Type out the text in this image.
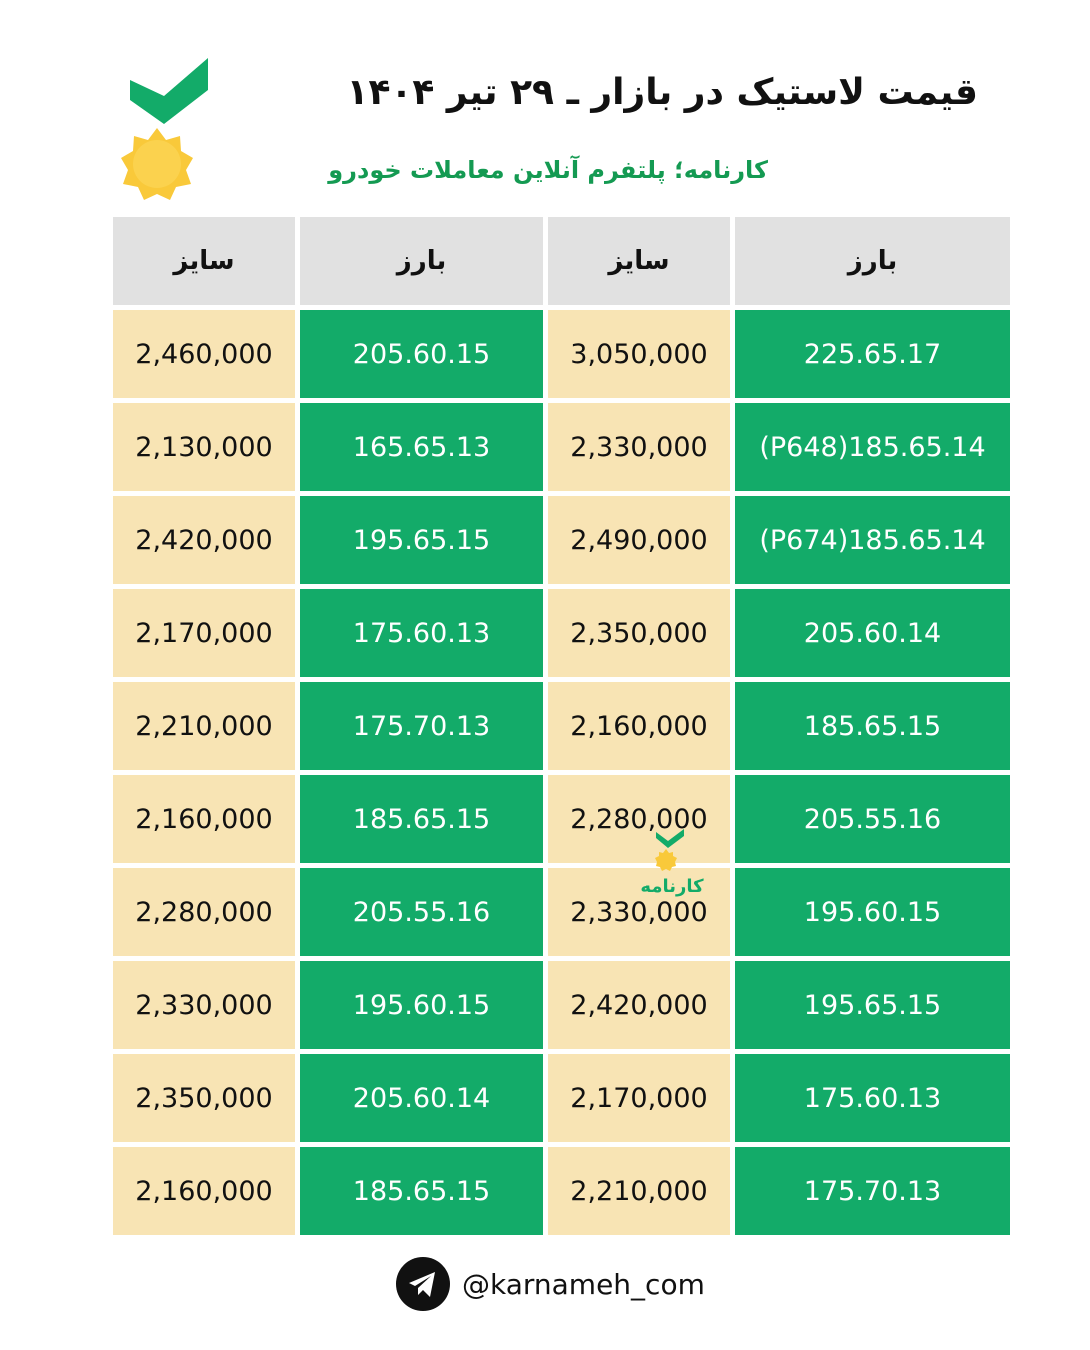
قیمت لاستیک در بازار ـ ۲۹ تیر ۱۴۰۴
کارنامه؛ پلتفرم آنلاین معاملات خودرو
سایز	بارز	سایز	بارز
2,460,000	205.60.15	3,050,000	225.65.17
2,130,000	165.65.13	2,330,000	(P648)185.65.14
2,420,000	195.65.15	2,490,000	(P674)185.65.14
2,170,000	175.60.13	2,350,000	205.60.14
2,210,000	175.70.13	2,160,000	185.65.15
2,160,000	185.65.15	2,280,000	205.55.16
2,280,000	205.55.16	2,330,000	195.60.15
2,330,000	195.60.15	2,420,000	195.65.15
2,350,000	205.60.14	2,170,000	175.60.13
2,160,000	185.65.15	2,210,000	175.70.13
کارنامه
@karnameh_com
